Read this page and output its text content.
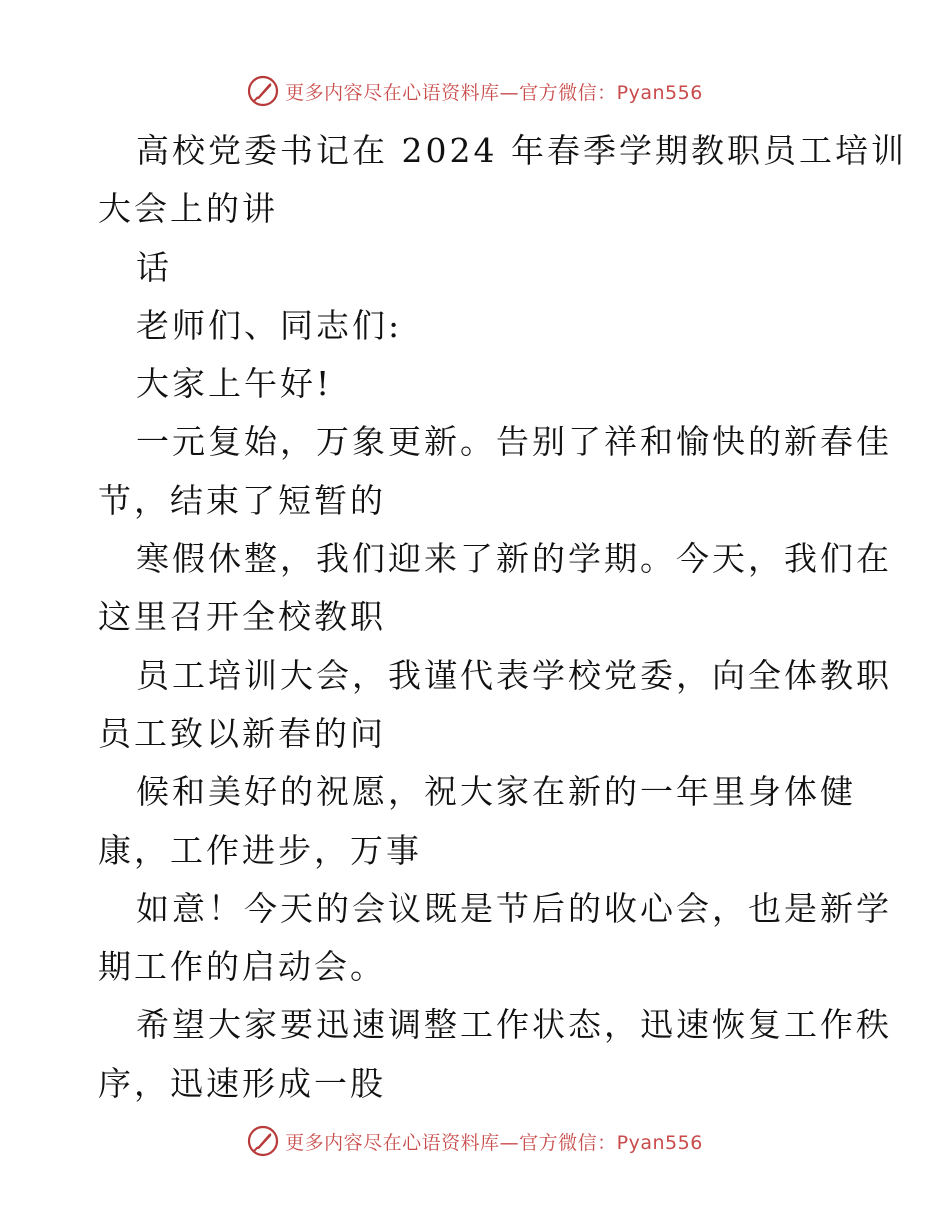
更多内容尽在心语资料库—官方微信：Pyan556
高校党委书记在 2024 年春季学期教职员工培训
大会上的讲
话
老师们、同志们:
大家上午好!
一元复始，万象更新。告别了祥和愉快的新春佳
节，结束了短暂的
寒假休整，我们迎来了新的学期。今天，我们在
这里召开全校教职
员工培训大会，我谨代表学校党委，向全体教职
员工致以新春的问
候和美好的祝愿，祝大家在新的一年里身体健
康，工作进步，万事
如意！今天的会议既是节后的收心会，也是新学
期工作的启动会。
希望大家要迅速调整工作状态，迅速恢复工作秩
序，迅速形成一股
更多内容尽在心语资料库—官方微信：Pyan556
